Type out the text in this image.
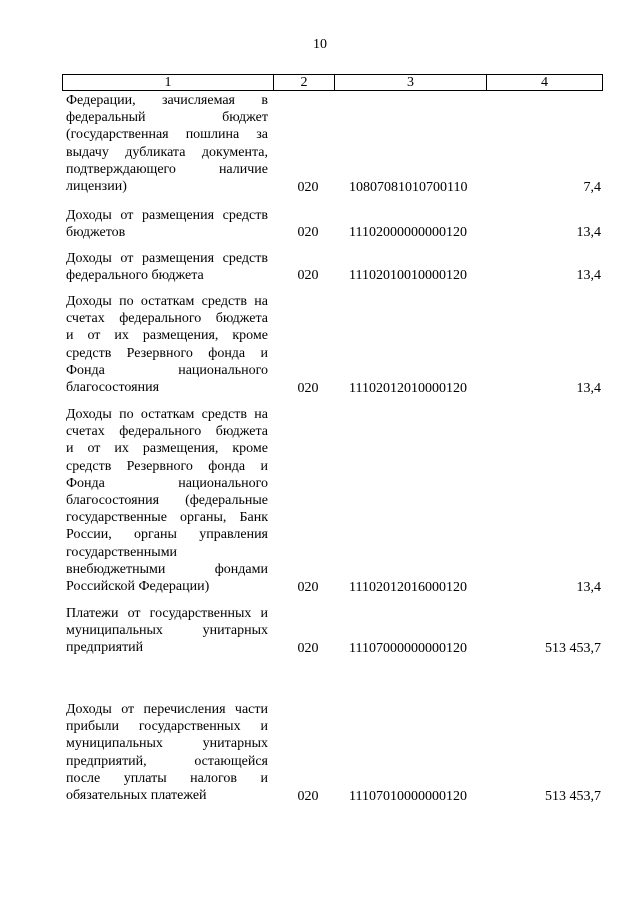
10
1	2	3	4
Федерации, зачисляемая в
федеральный бюджет
(государственная пошлина за
выдачу дубликата документа,
подтверждающего наличие
лицензии)	020 10807081010700110	7,4
Доходы от размещения средств
бюджетов	020 11102000000000120	13,4
Доходы от размещения средств
федерального бюджета	020 11102010010000120	13,4
Доходы по остаткам средств на
счетах федерального бюджета
и от их размещения, кроме
средств Резервного фонда и
Фонда национального
благосостояния	020 11102012010000120	13,4
Доходы по остаткам средств на
счетах федерального бюджета
и от их размещения, кроме
средств Резервного фонда и
Фонда национального
благосостояния (федеральные
государственные органы, Банк
России, органы управления
государственными
внебюджетными фондами
Российской Федерации)	020 11102012016000120	13,4
Платежи от государственных и
муниципальных унитарных
предприятий	020 11107000000000120	513 453,7
Доходы от перечисления части
прибыли государственных и
муниципальных унитарных
предприятий, остающейся
после уплаты налогов и
обязательных платежей	020 11107010000000120	513 453,7
